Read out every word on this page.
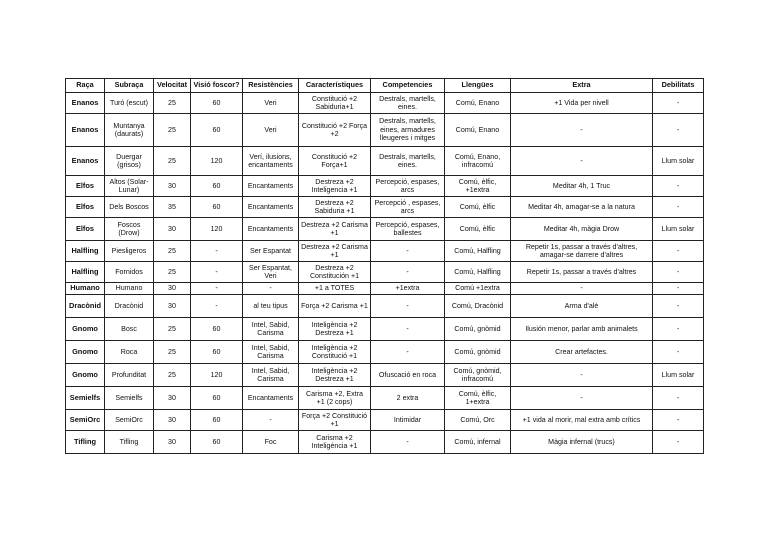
Raça	Subraça	Velocitat	Visió foscor?	Resistències	Característiques	Competencies	Llengües	Extra	Debilitats
Enanos	Turó (escut)	25	60	Veri	Constitució +2 Sabiduria+1	Destrals, martells, eines.	Comú, Enano	+1 Vida per nivell	-
Enanos	Muntanya (daurats)	25	60	Veri	Constitució +2 Força +2	Destrals, martells, eines, armadures lleugeres i mitges	Comú, Enano	-	-
Enanos	Duergar (grisos)	25	120	Verí, ilusions, encantaments	Constitució +2 Força+1	Destrals, martells, eines.	Comú, Enano, infracomú	-	Llum solar
Elfos	Altos (Solar-Lunar)	30	60	Encantaments	Destreza +2 Inteligencia +1	Percepció, espases, arcs	Comú, èlfic, +1extra	Meditar 4h, 1 Truc	-
Elfos	Dels Boscos	35	60	Encantaments	Destreza +2 Sabiduria +1	Percepció , espases, arcs	Comú, èlfic	Meditar 4h, amagar-se a la natura	-
Elfos	Foscos (Drow)	30	120	Encantaments	Destreza +2 Carisma +1	Percepció, espases, ballestes	Comú, èlfic	Meditar 4h, màgia Drow	Llum solar
Halfling	Piesligeros	25	-	Ser Espantat	Destreza +2 Carisma +1	-	Comú, Halfling	Repetir 1s, passar a través d'altres, amagar-se darrere d'altres	-
Halfling	Fornidos	25	-	Ser Espantat, Veri	Destreza +2 Constitución +1	-	Comú, Halfling	Repetir 1s, passar a través d'altres	-
Humano	Humano	30	-	-	+1 a TOTES	+1extra	Comú +1extra	-	-
Dracònid	Dracònid	30	-	al teu tipus	Força +2 Carisma +1	-	Comú, Dracònid	Arma d'alè	-
Gnomo	Bosc	25	60	Intel, Sabid, Carisma	Inteligència +2 Destreza +1	-	Comú, gnòmid	Ilusión menor, parlar amb animalets	-
Gnomo	Roca	25	60	Intel, Sabid, Carisma	Inteligència +2 Constitució +1	-	Comú, gnòmid	Crear artefactes.	-
Gnomo	Profunditat	25	120	Intel, Sabid, Carisma	Inteligència +2 Destreza +1	Ofuscació en roca	Comú, gnòmid, infracomú	-	Llum solar
Semielfs	Semielfs	30	60	Encantaments	Carisma +2, Extra +1 (2 cops)	2 extra	Comú, èlfic, 1+extra	-	-
SemiOrc	SemiOrc	30	60	-	Força +2 Constitució +1	Intimidar	Comú, Orc	+1 vida al morir, mal extra amb crítics	-
Tifling	Tifling	30	60	Foc	Carisma +2 Inteligència +1	-	Comú, infernal	Màgia infernal (trucs)	-
